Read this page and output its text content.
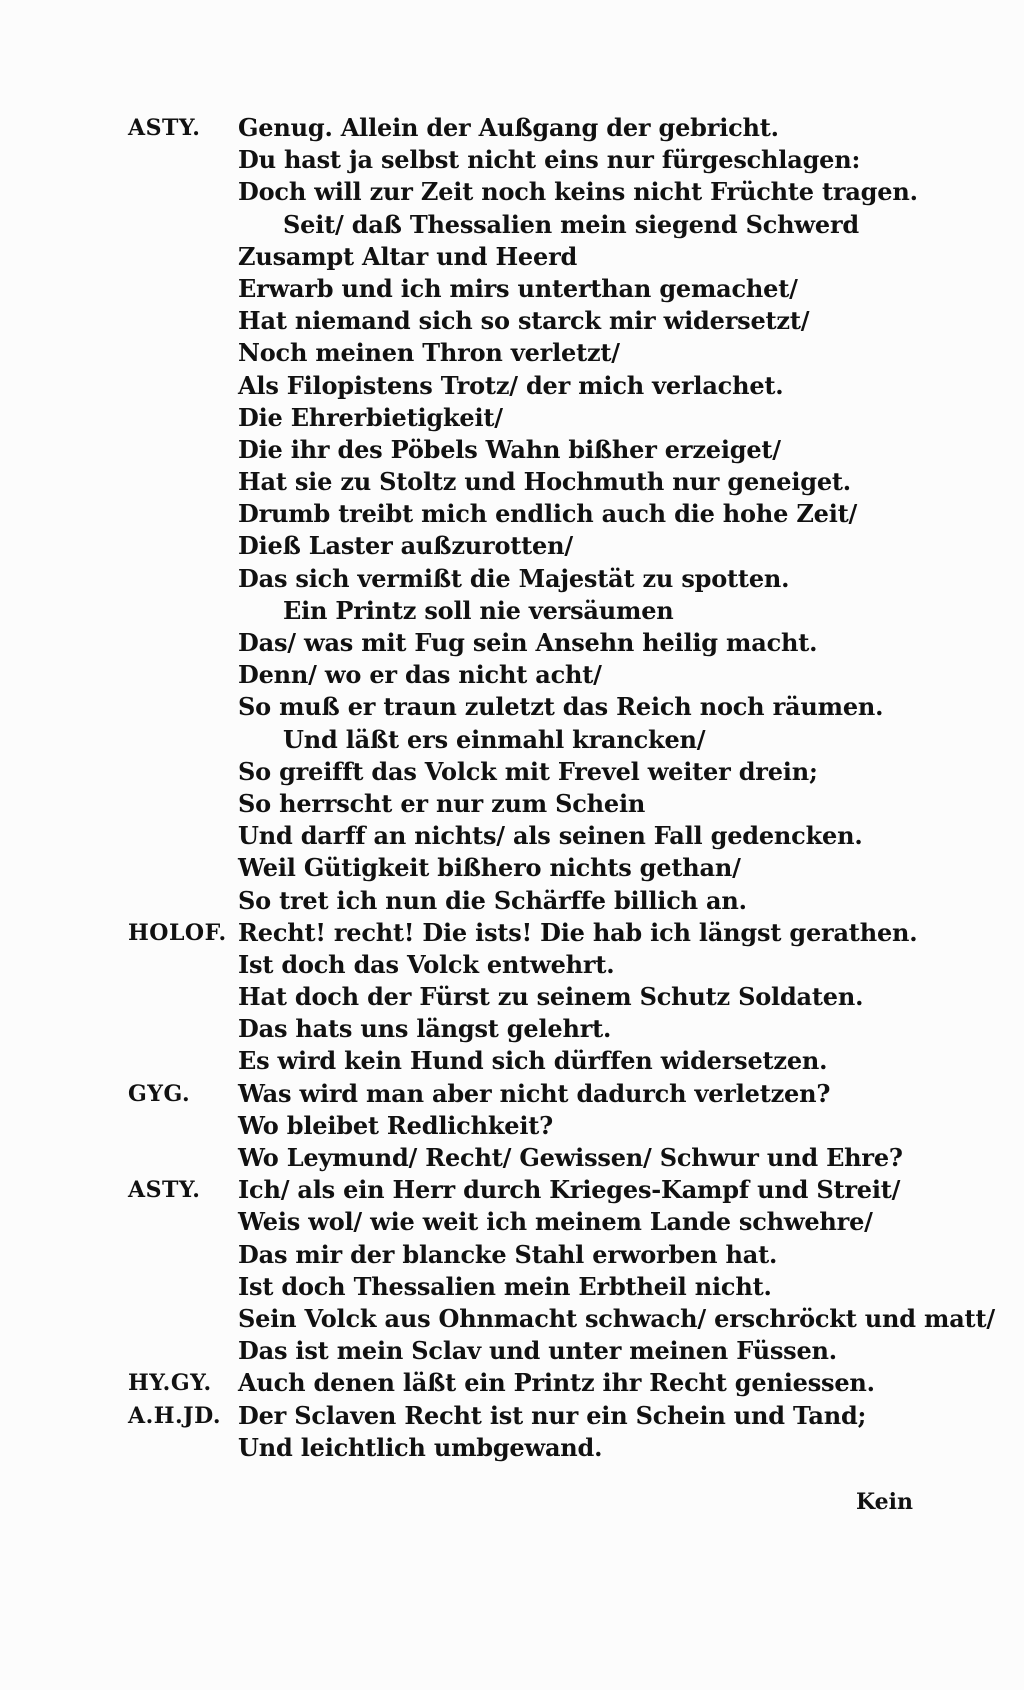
ASTY. Genug. Allein der Außgang der gebricht.
Du hast ja selbst nicht eins nur fürgeschlagen:
Doch will zur Zeit noch keins nicht Früchte tragen.
Seit/ daß Thessalien mein siegend Schwerd
Zusampt Altar und Heerd
Erwarb und ich mirs unterthan gemachet/
Hat niemand sich so starck mir widersetzt/
Noch meinen Thron verletzt/
Als Filopistens Trotz/ der mich verlachet.
Die Ehrerbietigkeit/
Die ihr des Pöbels Wahn bißher erzeiget/
Hat sie zu Stoltz und Hochmuth nur geneiget.
Drumb treibt mich endlich auch die hohe Zeit/
Dieß Laster außzurotten/
Das sich vermißt die Majestät zu spotten.
Ein Printz soll nie versäumen
Das/ was mit Fug sein Ansehn heilig macht.
Denn/ wo er das nicht acht/
So muß er traun zuletzt das Reich noch räumen.
Und läßt ers einmahl krancken/
So greifft das Volck mit Frevel weiter drein;
So herrscht er nur zum Schein
Und darff an nichts/ als seinen Fall gedencken.
Weil Gütigkeit bißhero nichts gethan/
So tret ich nun die Schärffe billich an.
HOLOF. Recht! recht! Die ists! Die hab ich längst gerathen.
Ist doch das Volck entwehrt.
Hat doch der Fürst zu seinem Schutz Soldaten.
Das hats uns längst gelehrt.
Es wird kein Hund sich dürffen widersetzen.
GYG. Was wird man aber nicht dadurch verletzen?
Wo bleibet Redlichkeit?
Wo Leymund/ Recht/ Gewissen/ Schwur und Ehre?
ASTY. Ich/ als ein Herr durch Krieges-Kampf und Streit/
Weis wol/ wie weit ich meinem Lande schwehre/
Das mir der blancke Stahl erworben hat.
Ist doch Thessalien mein Erbtheil nicht.
Sein Volck aus Ohnmacht schwach/ erschröckt und matt/
Das ist mein Sclav und unter meinen Füssen.
HY.GY. Auch denen läßt ein Printz ihr Recht geniessen.
A.H.JD. Der Sclaven Recht ist nur ein Schein und Tand;
Und leichtlich umbgewand.
Kein
